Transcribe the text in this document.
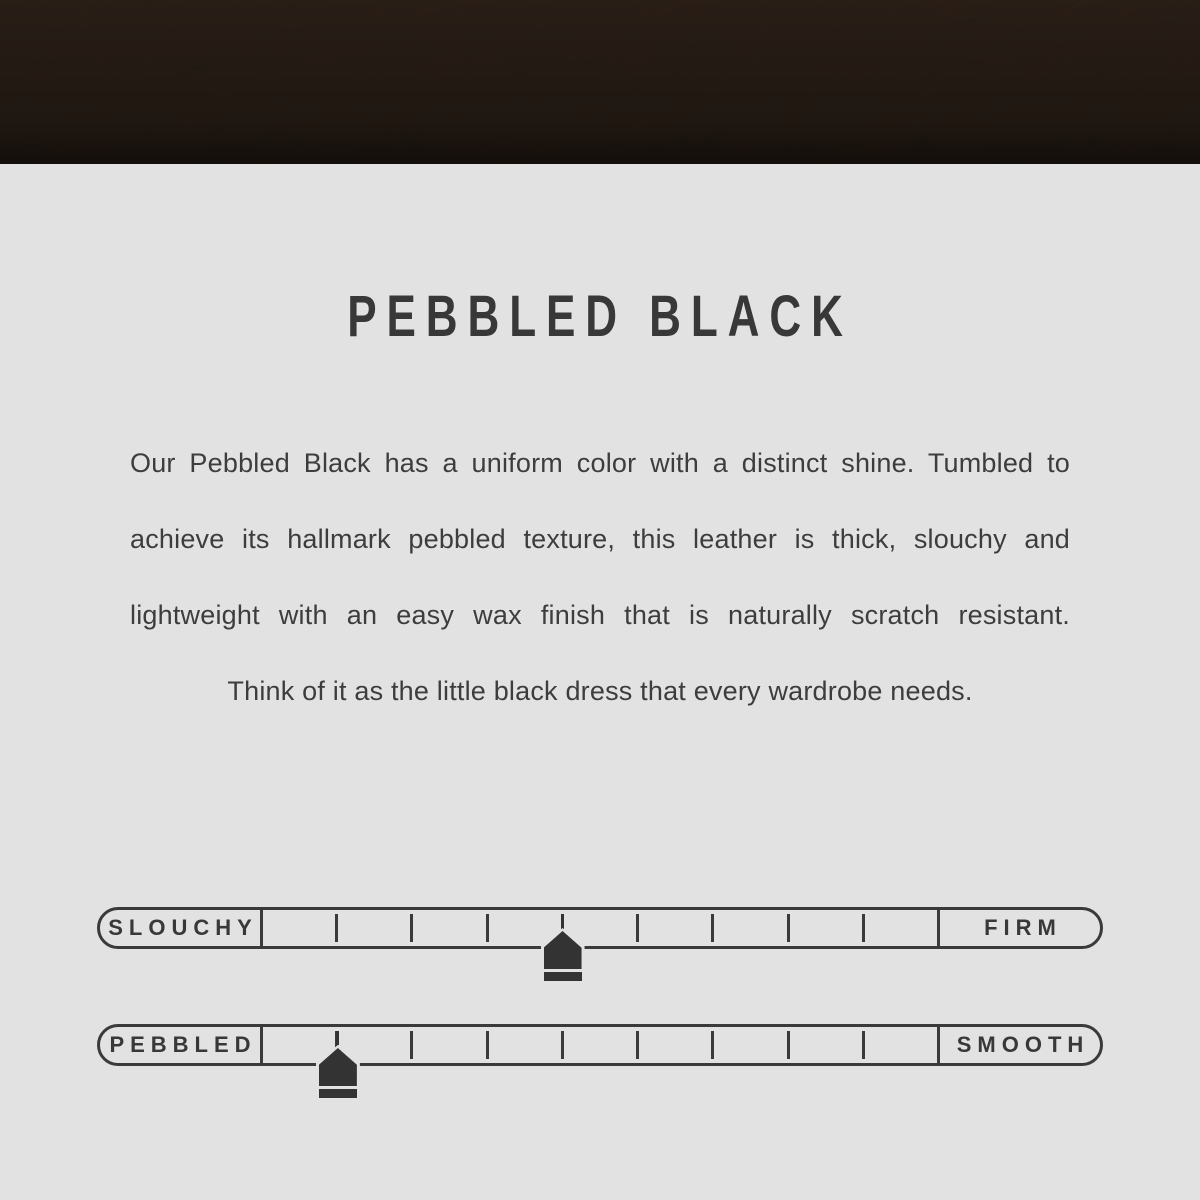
PEBBLED BLACK

Our Pebbled Black has a uniform color with a distinct shine. Tumbled to

achieve its hallmark pebbled texture, this leather is thick, slouchy and

lightweight with an easy wax finish that is naturally scratch resistant.

Think of it as the little black dress that every wardrobe needs.

SLOUCHY	FIRM
PEBBLED	SMOOTH
